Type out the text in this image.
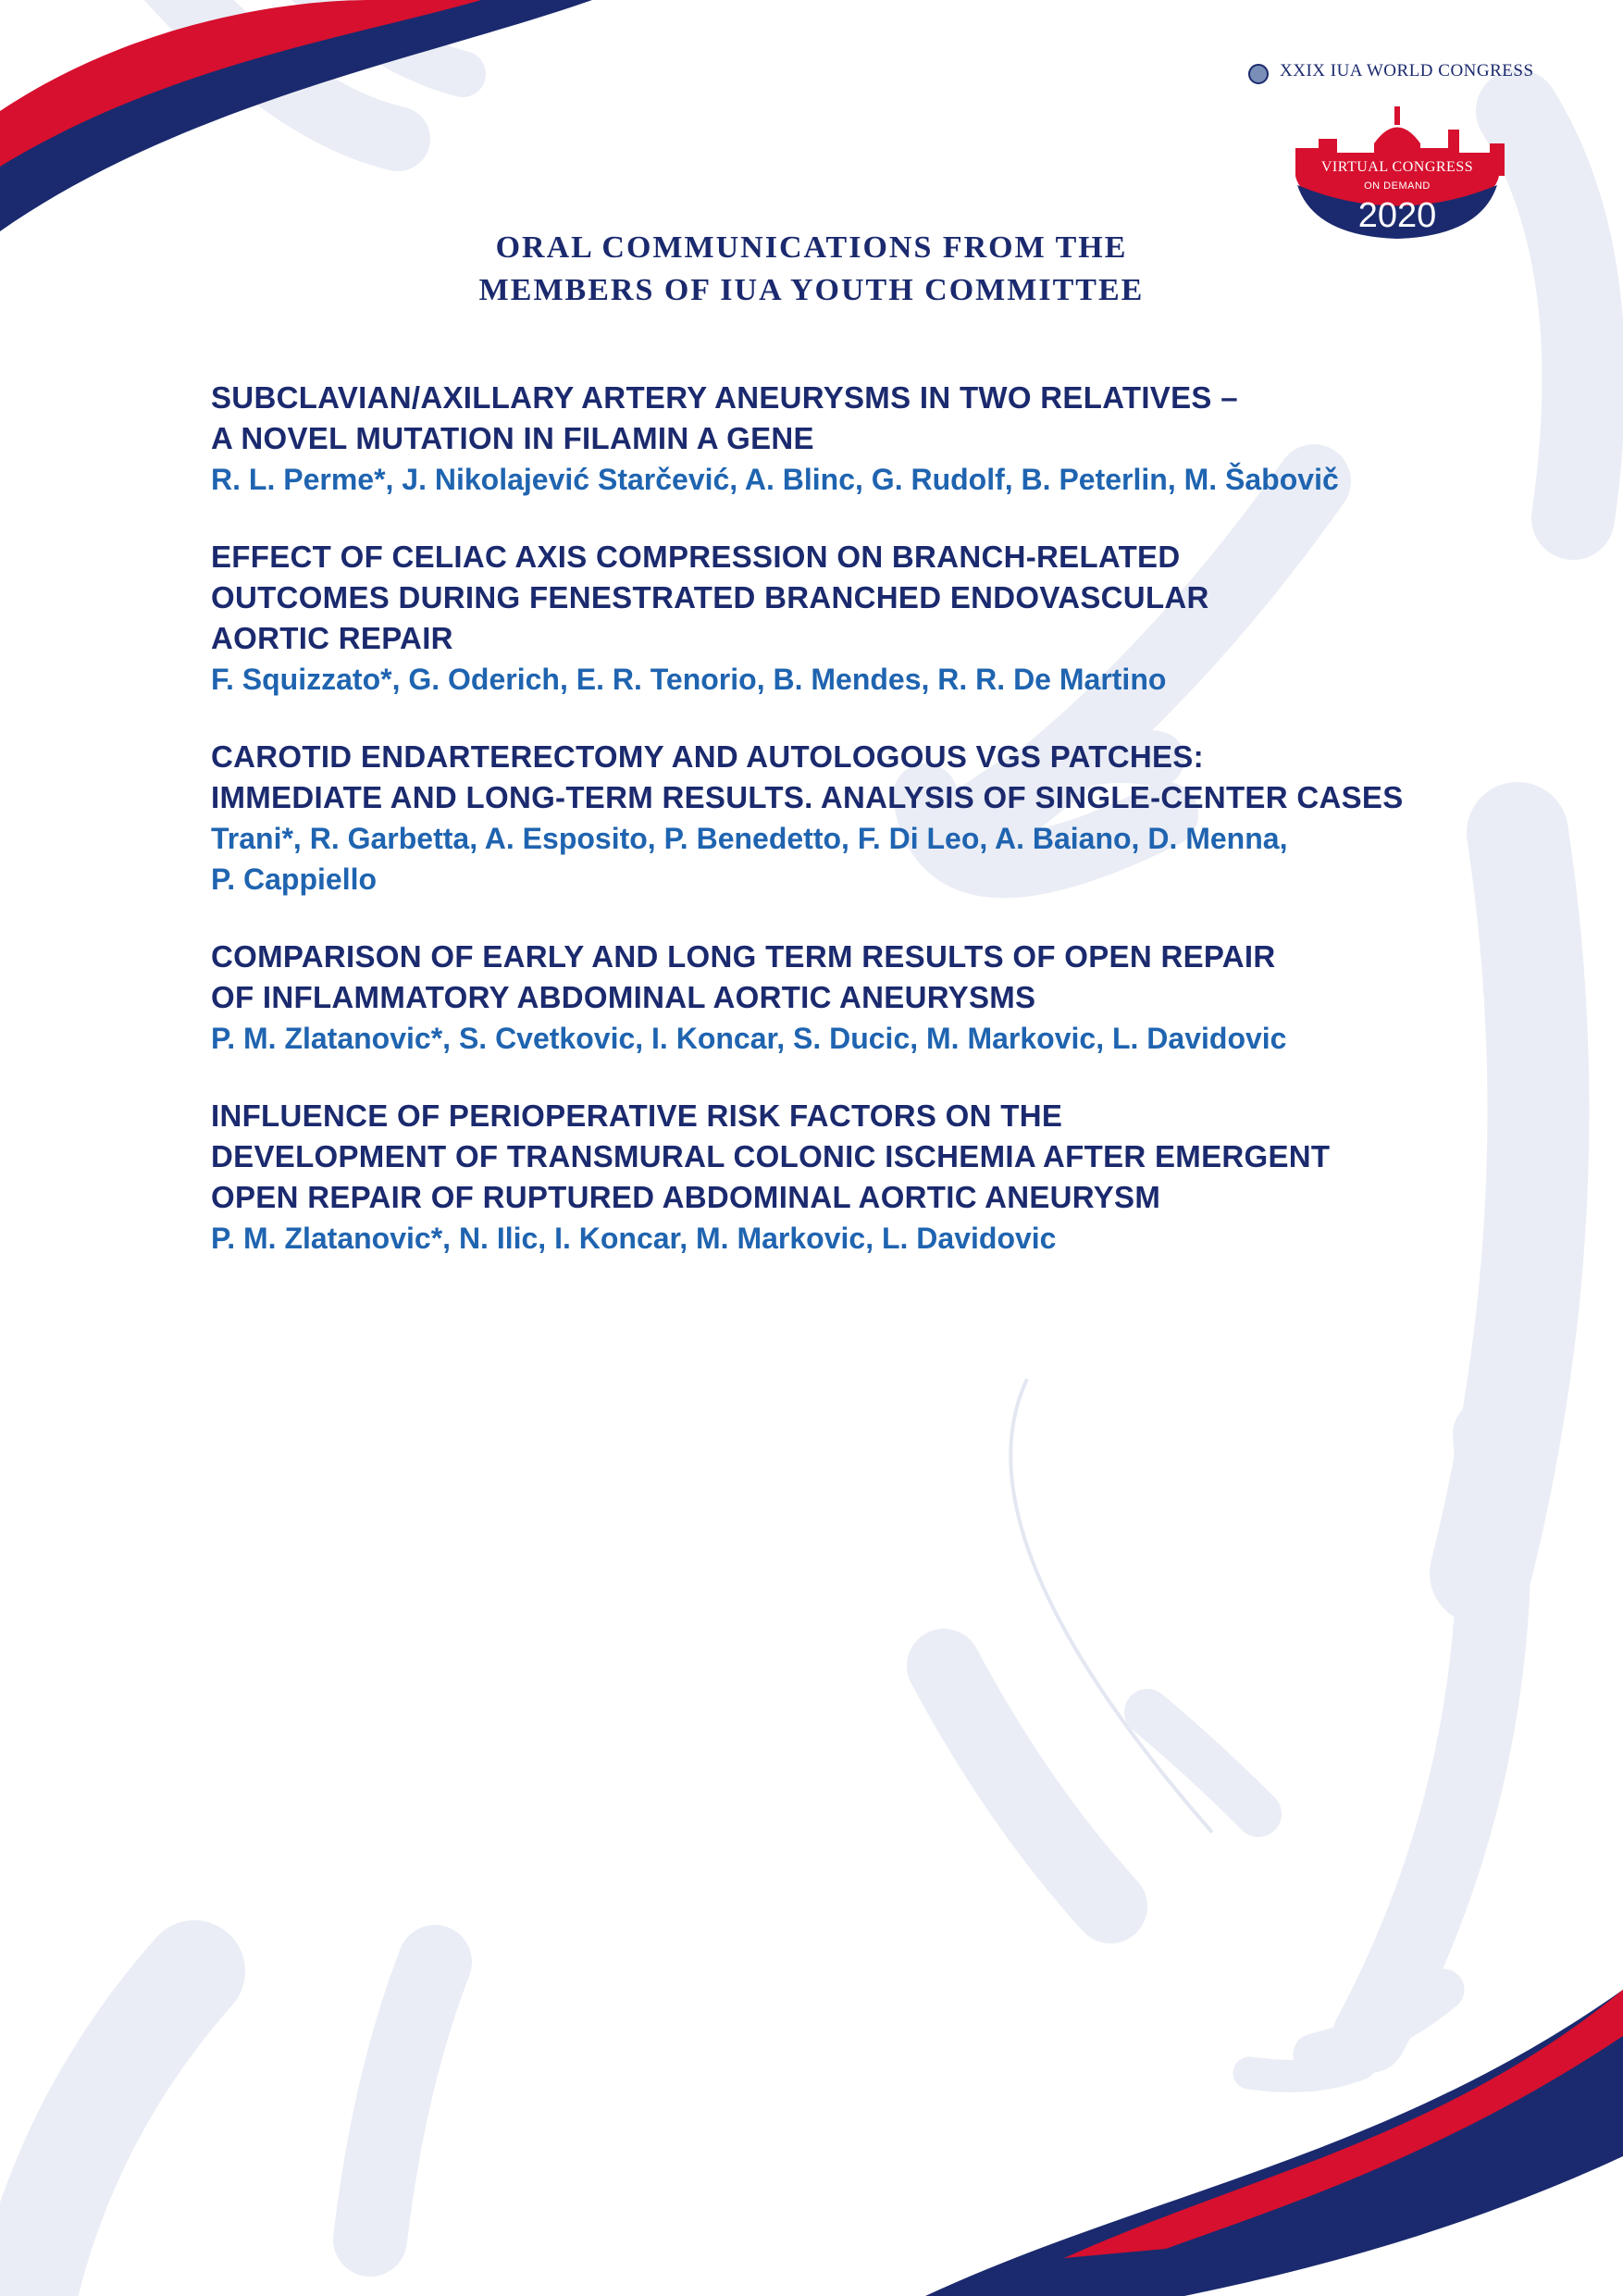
XXIX IUA WORLD CONGRESS
VIRTUAL CONGRESS
ON DEMAND
2020
ORAL COMMUNICATIONS FROM THE
MEMBERS OF IUA YOUTH COMMITTEE
SUBCLAVIAN/AXILLARY ARTERY ANEURYSMS IN TWO RELATIVES –
A NOVEL MUTATION IN FILAMIN A GENE
R. L. Perme*, J. Nikolajević Starčević, A. Blinc, G. Rudolf, B. Peterlin, M. Šabovič
EFFECT OF CELIAC AXIS COMPRESSION ON BRANCH-RELATED
OUTCOMES DURING FENESTRATED BRANCHED ENDOVASCULAR
AORTIC REPAIR
F. Squizzato*, G. Oderich, E. R. Tenorio, B. Mendes, R. R. De Martino
CAROTID ENDARTERECTOMY AND AUTOLOGOUS VGS PATCHES:
IMMEDIATE AND LONG-TERM RESULTS. ANALYSIS OF SINGLE-CENTER CASES
Trani*, R. Garbetta, A. Esposito, P. Benedetto, F. Di Leo, A. Baiano, D. Menna,
P. Cappiello
COMPARISON OF EARLY AND LONG TERM RESULTS OF OPEN REPAIR
OF INFLAMMATORY ABDOMINAL AORTIC ANEURYSMS
P. M. Zlatanovic*, S. Cvetkovic, I. Koncar, S. Ducic, M. Markovic, L. Davidovic
INFLUENCE OF PERIOPERATIVE RISK FACTORS ON THE
DEVELOPMENT OF TRANSMURAL COLONIC ISCHEMIA AFTER EMERGENT
OPEN REPAIR OF RUPTURED ABDOMINAL AORTIC ANEURYSM
P. M. Zlatanovic*, N. Ilic, I. Koncar, M. Markovic, L. Davidovic
